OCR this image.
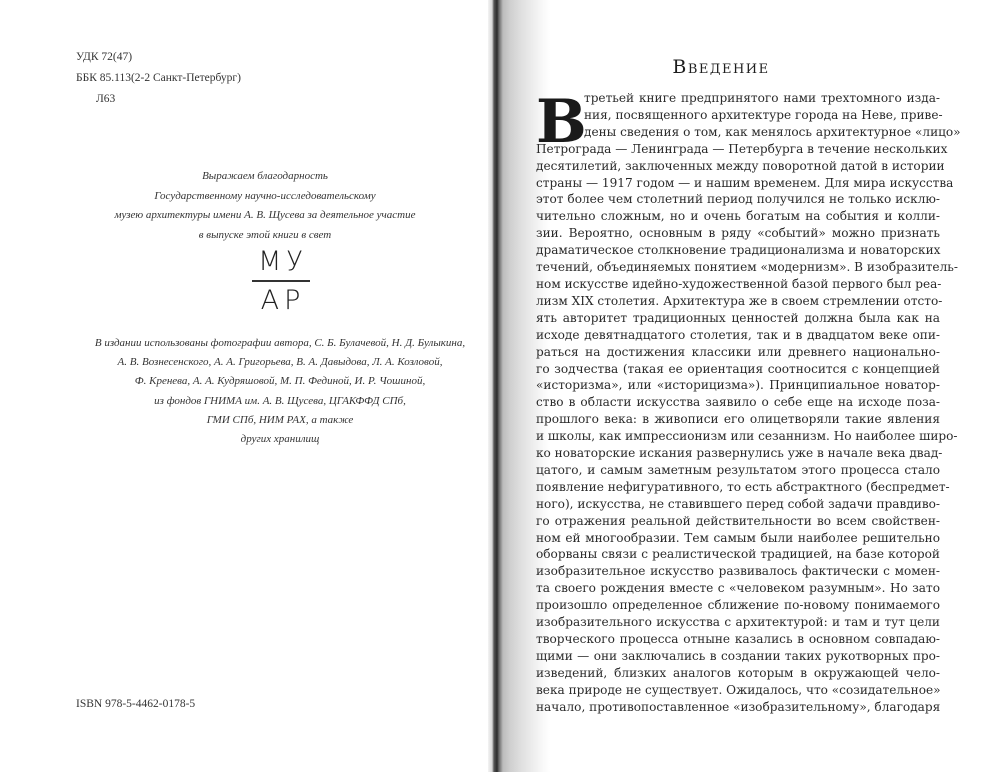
УДК 72(47)
ББК 85.113(2-2 Санкт-Петербург)
Л63
Выражаем благодарность
Государственному научно-исследовательскому
музею архитектуры имени А. В. Щусева за деятельное участие
в выпуске этой книги в свет
МУ
АР
В издании использованы фотографии автора, С. Б. Булачевой, Н. Д. Булыкина,
А. В. Вознесенского, А. А. Григорьева, В. А. Давыдова, Л. А. Козловой,
Ф. Кренева, А. А. Кудряшовой, М. П. Фединой, И. Р. Чошиной,
из фондов ГНИМА им. А. В. Щусева, ЦГАКФФД СПб,
ГМИ СПб, НИМ РАХ, а также
других хранилищ
ISBN 978-5-4462-0178-5
Введение
В
третьей книге предпринятого нами трехтомного изда-
ния, посвященного архитектуре города на Неве, приве-
дены сведения о том, как менялось архитектурное «лицо»
Петрограда — Ленинграда — Петербурга в течение нескольких
десятилетий, заключенных между поворотной датой в истории
страны — 1917 годом — и нашим временем. Для мира искусства
этот более чем столетний период получился не только исклю-
чительно сложным, но и очень богатым на события и колли-
зии. Вероятно, основным в ряду «событий» можно признать
драматическое столкновение традиционализма и новаторских
течений, объединяемых понятием «модернизм». В изобразитель-
ном искусстве идейно-художественной базой первого был реа-
лизм XIX столетия. Архитектура же в своем стремлении отсто-
ять авторитет традиционных ценностей должна была как на
исходе девятнадцатого столетия, так и в двадцатом веке опи-
раться на достижения классики или древнего национально-
го зодчества (такая ее ориентация соотносится с концепцией
«историзма», или «историцизма»). Принципиальное новатор-
ство в области искусства заявило о себе еще на исходе поза-
прошлого века: в живописи его олицетворяли такие явления
и школы, как импрессионизм или сезаннизм. Но наиболее широ-
ко новаторские искания развернулись уже в начале века двад-
цатого, и самым заметным результатом этого процесса стало
появление нефигуративного, то есть абстрактного (беспредмет-
ного), искусства, не ставившего перед собой задачи правдиво-
го отражения реальной действительности во всем свойствен-
ном ей многообразии. Тем самым были наиболее решительно
оборваны связи с реалистической традицией, на базе которой
изобразительное искусство развивалось фактически с момен-
та своего рождения вместе с «человеком разумным». Но зато
произошло определенное сближение по-новому понимаемого
изобразительного искусства с архитектурой: и там и тут цели
творческого процесса отныне казались в основном совпадаю-
щими — они заключались в создании таких рукотворных про-
изведений, близких аналогов которым в окружающей чело-
века природе не существует. Ожидалось, что «созидательное»
начало, противопоставленное «изобразительному», благодаря
